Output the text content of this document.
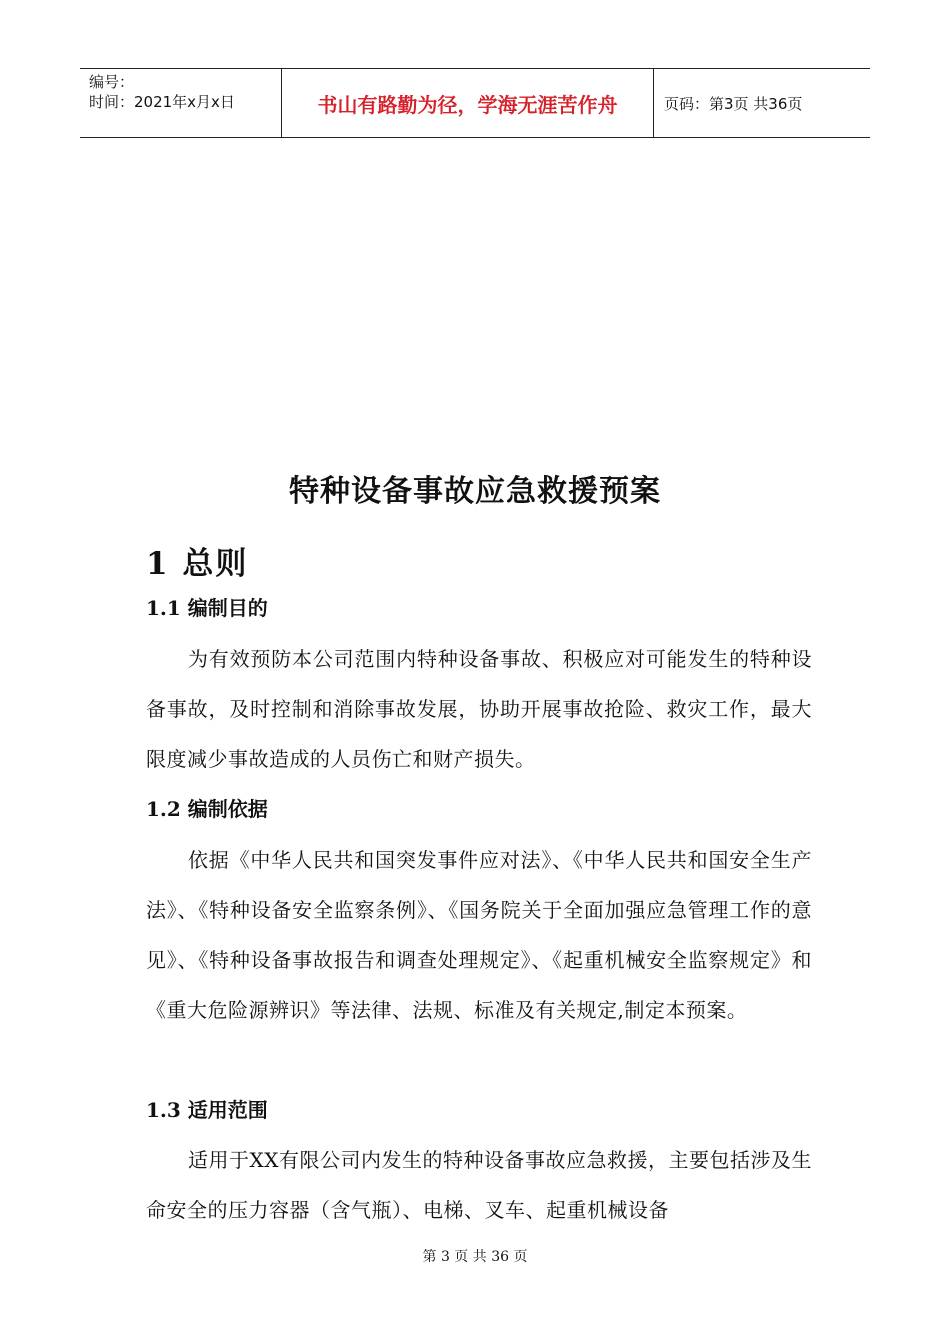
编号：
时间：2021年x月x日	书山有路勤为径，学海无涯苦作舟	页码：第3页 共36页
特种设备事故应急救援预案
1 总则
1.1 编制目的
为有效预防本公司范围内特种设备事故、积极应对可能发生的特种设备事故，及时控制和消除事故发展，协助开展事故抢险、救灾工作，最大限度减少事故造成的人员伤亡和财产损失。
1.2 编制依据
依据《中华人民共和国突发事件应对法》、《中华人民共和国安全生产法》、《特种设备安全监察条例》、《国务院关于全面加强应急管理工作的意见》、《特种设备事故报告和调查处理规定》、《起重机械安全监察规定》和《重大危险源辨识》等法律、法规、标准及有关规定,制定本预案。
1.3 适用范围
适用于XX有限公司内发生的特种设备事故应急救援，主要包括涉及生命安全的压力容器（含气瓶）、电梯、叉车、起重机械设备
第 3 页 共 36 页
